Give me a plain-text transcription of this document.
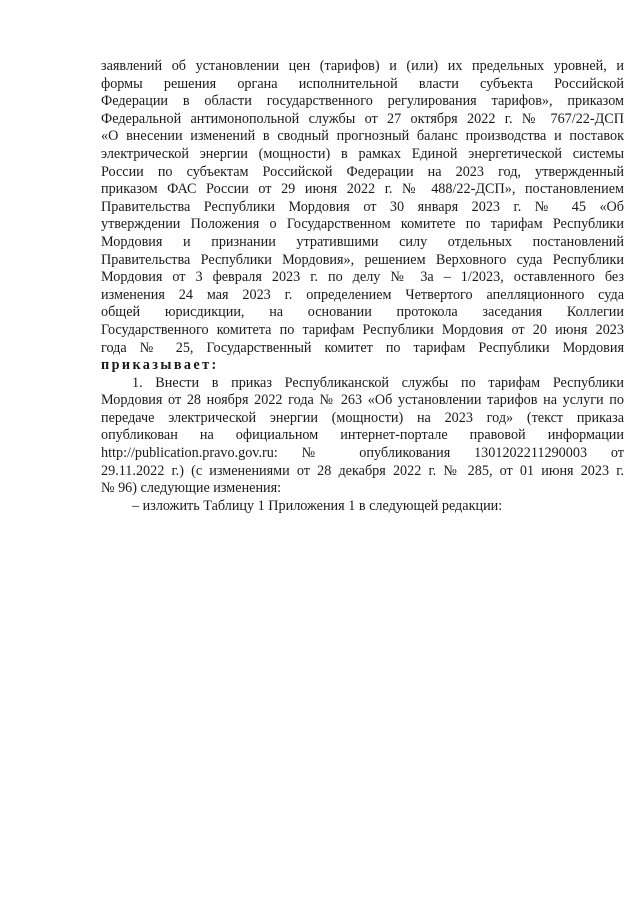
заявлений об установлении цен (тарифов) и (или) их предельных уровней, и
формы решения органа исполнительной власти субъекта Российской
Федерации в области государственного регулирования тарифов», приказом
Федеральной антимонопольной службы от 27 октября 2022 г. № 767/22-ДСП
«О внесении изменений в сводный прогнозный баланс производства и поставок
электрической энергии (мощности) в рамках Единой энергетической системы
России по субъектам Российской Федерации на 2023 год, утвержденный
приказом ФАС России от 29 июня 2022 г. № 488/22-ДСП», постановлением
Правительства Республики Мордовия от 30 января 2023 г. № 45 «Об
утверждении Положения о Государственном комитете по тарифам Республики
Мордовия и признании утратившими силу отдельных постановлений
Правительства Республики Мордовия», решением Верховного суда Республики
Мордовия от 3 февраля 2023 г. по делу № 3а – 1/2023, оставленного без
изменения 24 мая 2023 г. определением Четвертого апелляционного суда
общей юрисдикции, на основании протокола заседания Коллегии
Государственного комитета по тарифам Республики Мордовия от 20 июня 2023
года № 25, Государственный комитет по тарифам Республики Мордовия
приказывает:
1. Внести в приказ Республиканской службы по тарифам Республики
Мордовия от 28 ноября 2022 года № 263 «Об установлении тарифов на услуги по
передаче электрической энергии (мощности) на 2023 год» (текст приказа
опубликован на официальном интернет-портале правовой информации
http://publication.pravo.gov.ru: № опубликования 1301202211290003 от
29.11.2022 г.) (с изменениями от 28 декабря 2022 г. № 285, от 01 июня 2023 г.
№ 96) следующие изменения:
– изложить Таблицу 1 Приложения 1 в следующей редакции:
